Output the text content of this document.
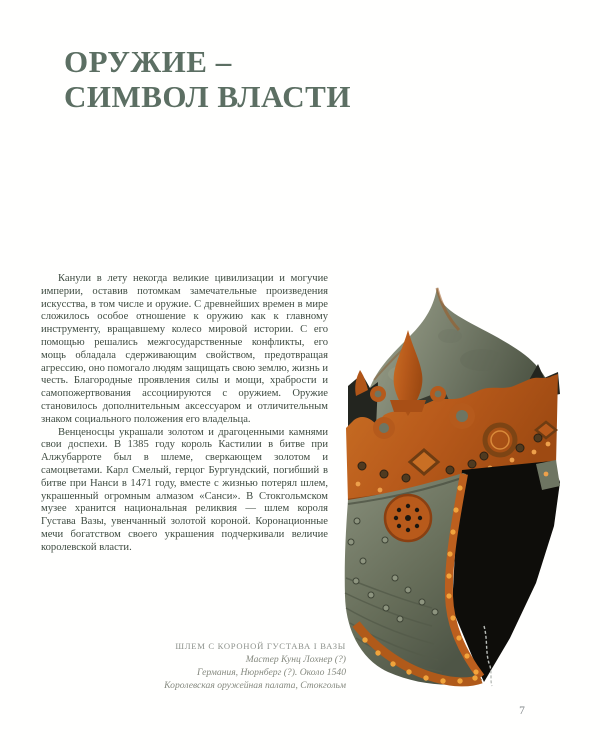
ОРУЖИЕ –
СИМВОЛ ВЛАСТИ

Канули в лету некогда великие цивилизации и могучие империи, оставив потомкам замечательные произведения искусства, в том числе и оружие. С древнейших времен в мире сложилось особое отношение к оружию как к главному инструменту, вращавшему колесо мировой истории. С его помощью решались межгосударственные конфликты, его мощь обладала сдерживающим свойством, предотвращая агрессию, оно помогало людям защищать свою землю, жизнь и честь. Благородные проявления силы и мощи, храбрости и самопожертвования ассоциируются с оружием. Оружие становилось дополнительным аксессуаром и отличительным знаком социального положения его владельца.

Венценосцы украшали золотом и драгоценными камнями свои доспехи. В 1385 году король Кастилии в битве при Алжубарроте был в шлеме, сверкающем золотом и самоцветами. Карл Смелый, герцог Бургундский, погибший в битве при Нанси в 1471 году, вместе с жизнью потерял шлем, украшенный огромным алмазом «Санси». В Стокгольмском музее хранится национальная реликвия — шлем короля Густава Вазы, увенчанный золотой короной. Коронационные мечи богатством своего украшения подчеркивали величие королевской власти.

ШЛЕМ С КОРОНОЙ ГУСТАВА I ВАЗЫ
Мастер Кунц Лохнер (?)
Германия, Нюрнберг (?). Около 1540
Королевская оружейная палата, Стокгольм
7
